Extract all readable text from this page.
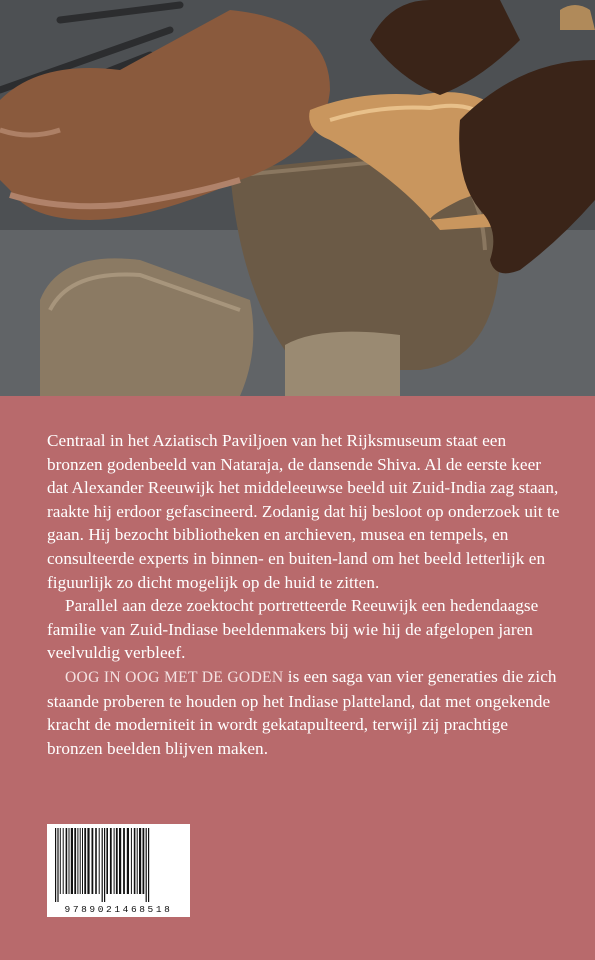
Centraal in het Aziatisch Paviljoen van het Rijksmuseum staat een bronzen godenbeeld van Nataraja, de dansende Shiva. Al de eerste keer dat Alexander Reeuwijk het middeleeuwse beeld uit Zuid-India zag staan, raakte hij erdoor gefascineerd. Zodanig dat hij besloot op onderzoek uit te gaan. Hij bezocht bibliotheken en archieven, musea en tempels, en consulteerde experts in binnen- en buiten-land om het beeld letterlijk en figuurlijk zo dicht mogelijk op de huid te zitten.

Parallel aan deze zoektocht portretteerde Reeuwijk een hedendaagse familie van Zuid-Indiase beeldenmakers bij wie hij de afgelopen jaren veelvuldig verbleef.

OOG IN OOG MET DE GODEN is een saga van vier generaties die zich staande proberen te houden op het Indiase platteland, dat met ongekende kracht de moderniteit in wordt gekatapulteerd, terwijl zij prachtige bronzen beelden blijven maken.

9789021468518
